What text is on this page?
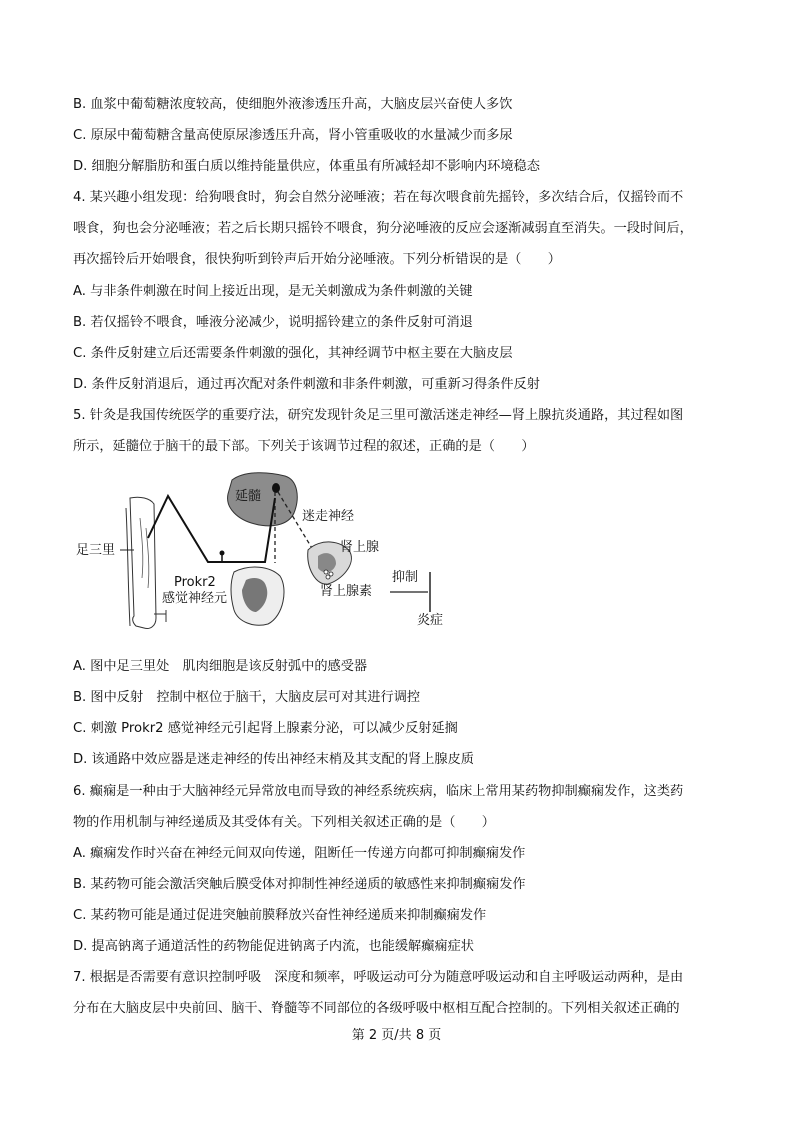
B. 血浆中葡萄糖浓度较高，使细胞外液渗透压升高，大脑皮层兴奋使人多饮
C. 原尿中葡萄糖含量高使原尿渗透压升高，肾小管重吸收的水量减少而多尿
D. 细胞分解脂肪和蛋白质以维持能量供应，体重虽有所减轻却不影响内环境稳态
4. 某兴趣小组发现：给狗喂食时，狗会自然分泌唾液；若在每次喂食前先摇铃，多次结合后，仅摇铃而不
喂食，狗也会分泌唾液；若之后长期只摇铃不喂食，狗分泌唾液的反应会逐渐减弱直至消失。一段时间后，
再次摇铃后开始喂食，很快狗听到铃声后开始分泌唾液。下列分析错误的是（　　）
A. 与非条件刺激在时间上接近出现，是无关刺激成为条件刺激的关键
B. 若仅摇铃不喂食，唾液分泌减少，说明摇铃建立的条件反射可消退
C. 条件反射建立后还需要条件刺激的强化，其神经调节中枢主要在大脑皮层
D. 条件反射消退后，通过再次配对条件刺激和非条件刺激，可重新习得条件反射
5. 针灸是我国传统医学的重要疗法，研究发现针灸足三里可激活迷走神经—肾上腺抗炎通路，其过程如图
所示，延髓位于脑干的最下部。下列关于该调节过程的叙述，正确的是（　　）
延髓
迷走神经
肾上腺
肾上腺素
抑制
炎症
足三里
Prokr2
感觉神经元
A. 图中足三里处　肌肉细胞是该反射弧中的感受器
B. 图中反射　控制中枢位于脑干，大脑皮层可对其进行调控
C. 刺激 Prokr2 感觉神经元引起肾上腺素分泌，可以减少反射延搁
D. 该通路中效应器是迷走神经的传出神经末梢及其支配的肾上腺皮质
6. 癫痫是一种由于大脑神经元异常放电而导致的神经系统疾病，临床上常用某药物抑制癫痫发作，这类药
物的作用机制与神经递质及其受体有关。下列相关叙述正确的是（　　）
A. 癫痫发作时兴奋在神经元间双向传递，阻断任一传递方向都可抑制癫痫发作
B. 某药物可能会激活突触后膜受体对抑制性神经递质的敏感性来抑制癫痫发作
C. 某药物可能是通过促进突触前膜释放兴奋性神经递质来抑制癫痫发作
D. 提高钠离子通道活性的药物能促进钠离子内流，也能缓解癫痫症状
7. 根据是否需要有意识控制呼吸　深度和频率，呼吸运动可分为随意呼吸运动和自主呼吸运动两种，是由
分布在大脑皮层中央前回、脑干、脊髓等不同部位的各级呼吸中枢相互配合控制的。下列相关叙述正确的
第 2 页/共 8 页
